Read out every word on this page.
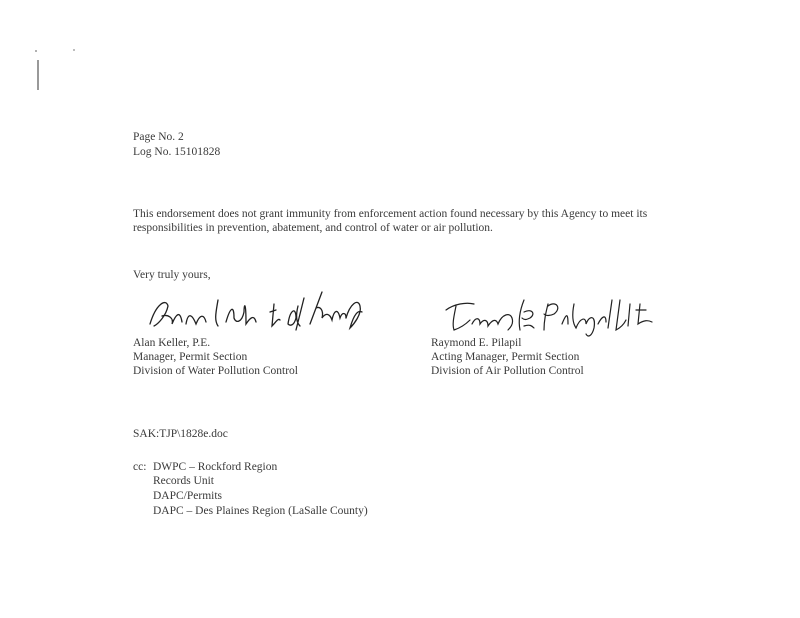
Page No. 2
Log No. 15101828
This endorsement does not grant immunity from enforcement action found necessary by this Agency to meet its responsibilities in prevention, abatement, and control of water or air pollution.
Very truly yours,
Alan Keller, P.E.
Manager, Permit Section
Division of Water Pollution Control
Raymond E. Pilapil
Acting Manager, Permit Section
Division of Air Pollution Control
SAK:TJP\1828e.doc
cc: DWPC – Rockford Region
Records Unit
DAPC/Permits
DAPC – Des Plaines Region (LaSalle County)
